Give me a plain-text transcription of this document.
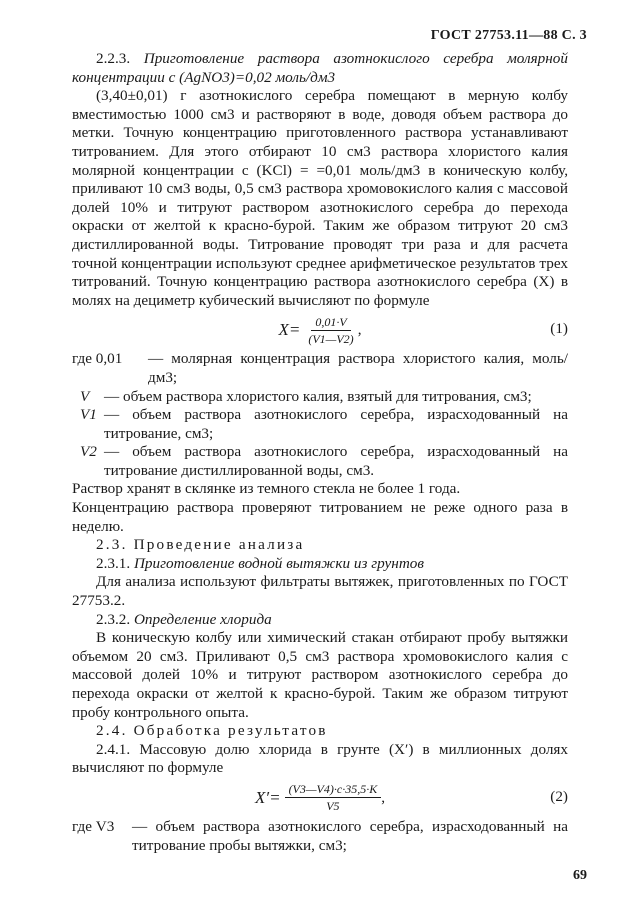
ГОСТ 27753.11—88 С. 3

2.2.3. Приготовление раствора азотнокислого серебра молярной концентрации с (AgNO3)=0,02 моль/дм3

(3,40±0,01) г азотнокислого серебра помещают в мерную колбу вместимостью 1000 см3 и растворяют в воде, доводя объем раствора до метки. Точную концентрацию приготовленного раствора устанавливают титрованием. Для этого отбирают 10 см3 раствора хлористого калия молярной концентрации с (KCl) = =0,01 моль/дм3 в коническую колбу, приливают 10 см3 воды, 0,5 см3 раствора хромовокислого калия с массовой долей 10% и титруют раствором азотнокислого серебра до перехода окраски от желтой к красно-бурой. Таким же образом титруют 20 см3 дистиллированной воды. Титрование проводят три раза и для расчета точной концентрации используют среднее арифметическое результатов трех титрований. Точную концентрацию раствора азотнокислого серебра (X) в молях на дециметр кубический вычисляют по формуле

$X= \frac{0,01\cdot V}{(V1—V2)}$ ,	(1)
где 0,01	— молярная концентрация раствора хлористого калия, моль/дм3;
V — объем раствора хлористого калия, взятый для титрования, см3;
V1 — объем раствора азотнокислого серебра, израсходованный на титрование, см3;
V2 — объем раствора азотнокислого серебра, израсходованный на титрование дистиллированной воды, см3.

Раствор хранят в склянке из темного стекла не более 1 года.

Концентрацию раствора проверяют титрованием не реже одного раза в неделю.

2.3. Проведение анализа

2.3.1. Приготовление водной вытяжки из грунтов

Для анализа используют фильтраты вытяжек, приготовленных по ГОСТ 27753.2.

2.3.2. Определение хлорида

В коническую колбу или химический стакан отбирают пробу вытяжки объемом 20 см3. Приливают 0,5 см3 раствора хромовокислого калия с массовой долей 10% и титруют раствором азотнокислого серебра до перехода окраски от желтой к красно-бурой. Таким же образом титруют пробу контрольного опыта.

2.4. Обработка результатов

2.4.1. Массовую долю хлорида в грунте (X′) в миллионных долях вычисляют по формуле

$X'= \frac{(V3—V4)\cdot c\cdot 35,5\cdot K}{V5}$ ,	(2)
где V3	— объем раствора азотнокислого серебра, израсходованный на титрование пробы вытяжки, см3;
69
